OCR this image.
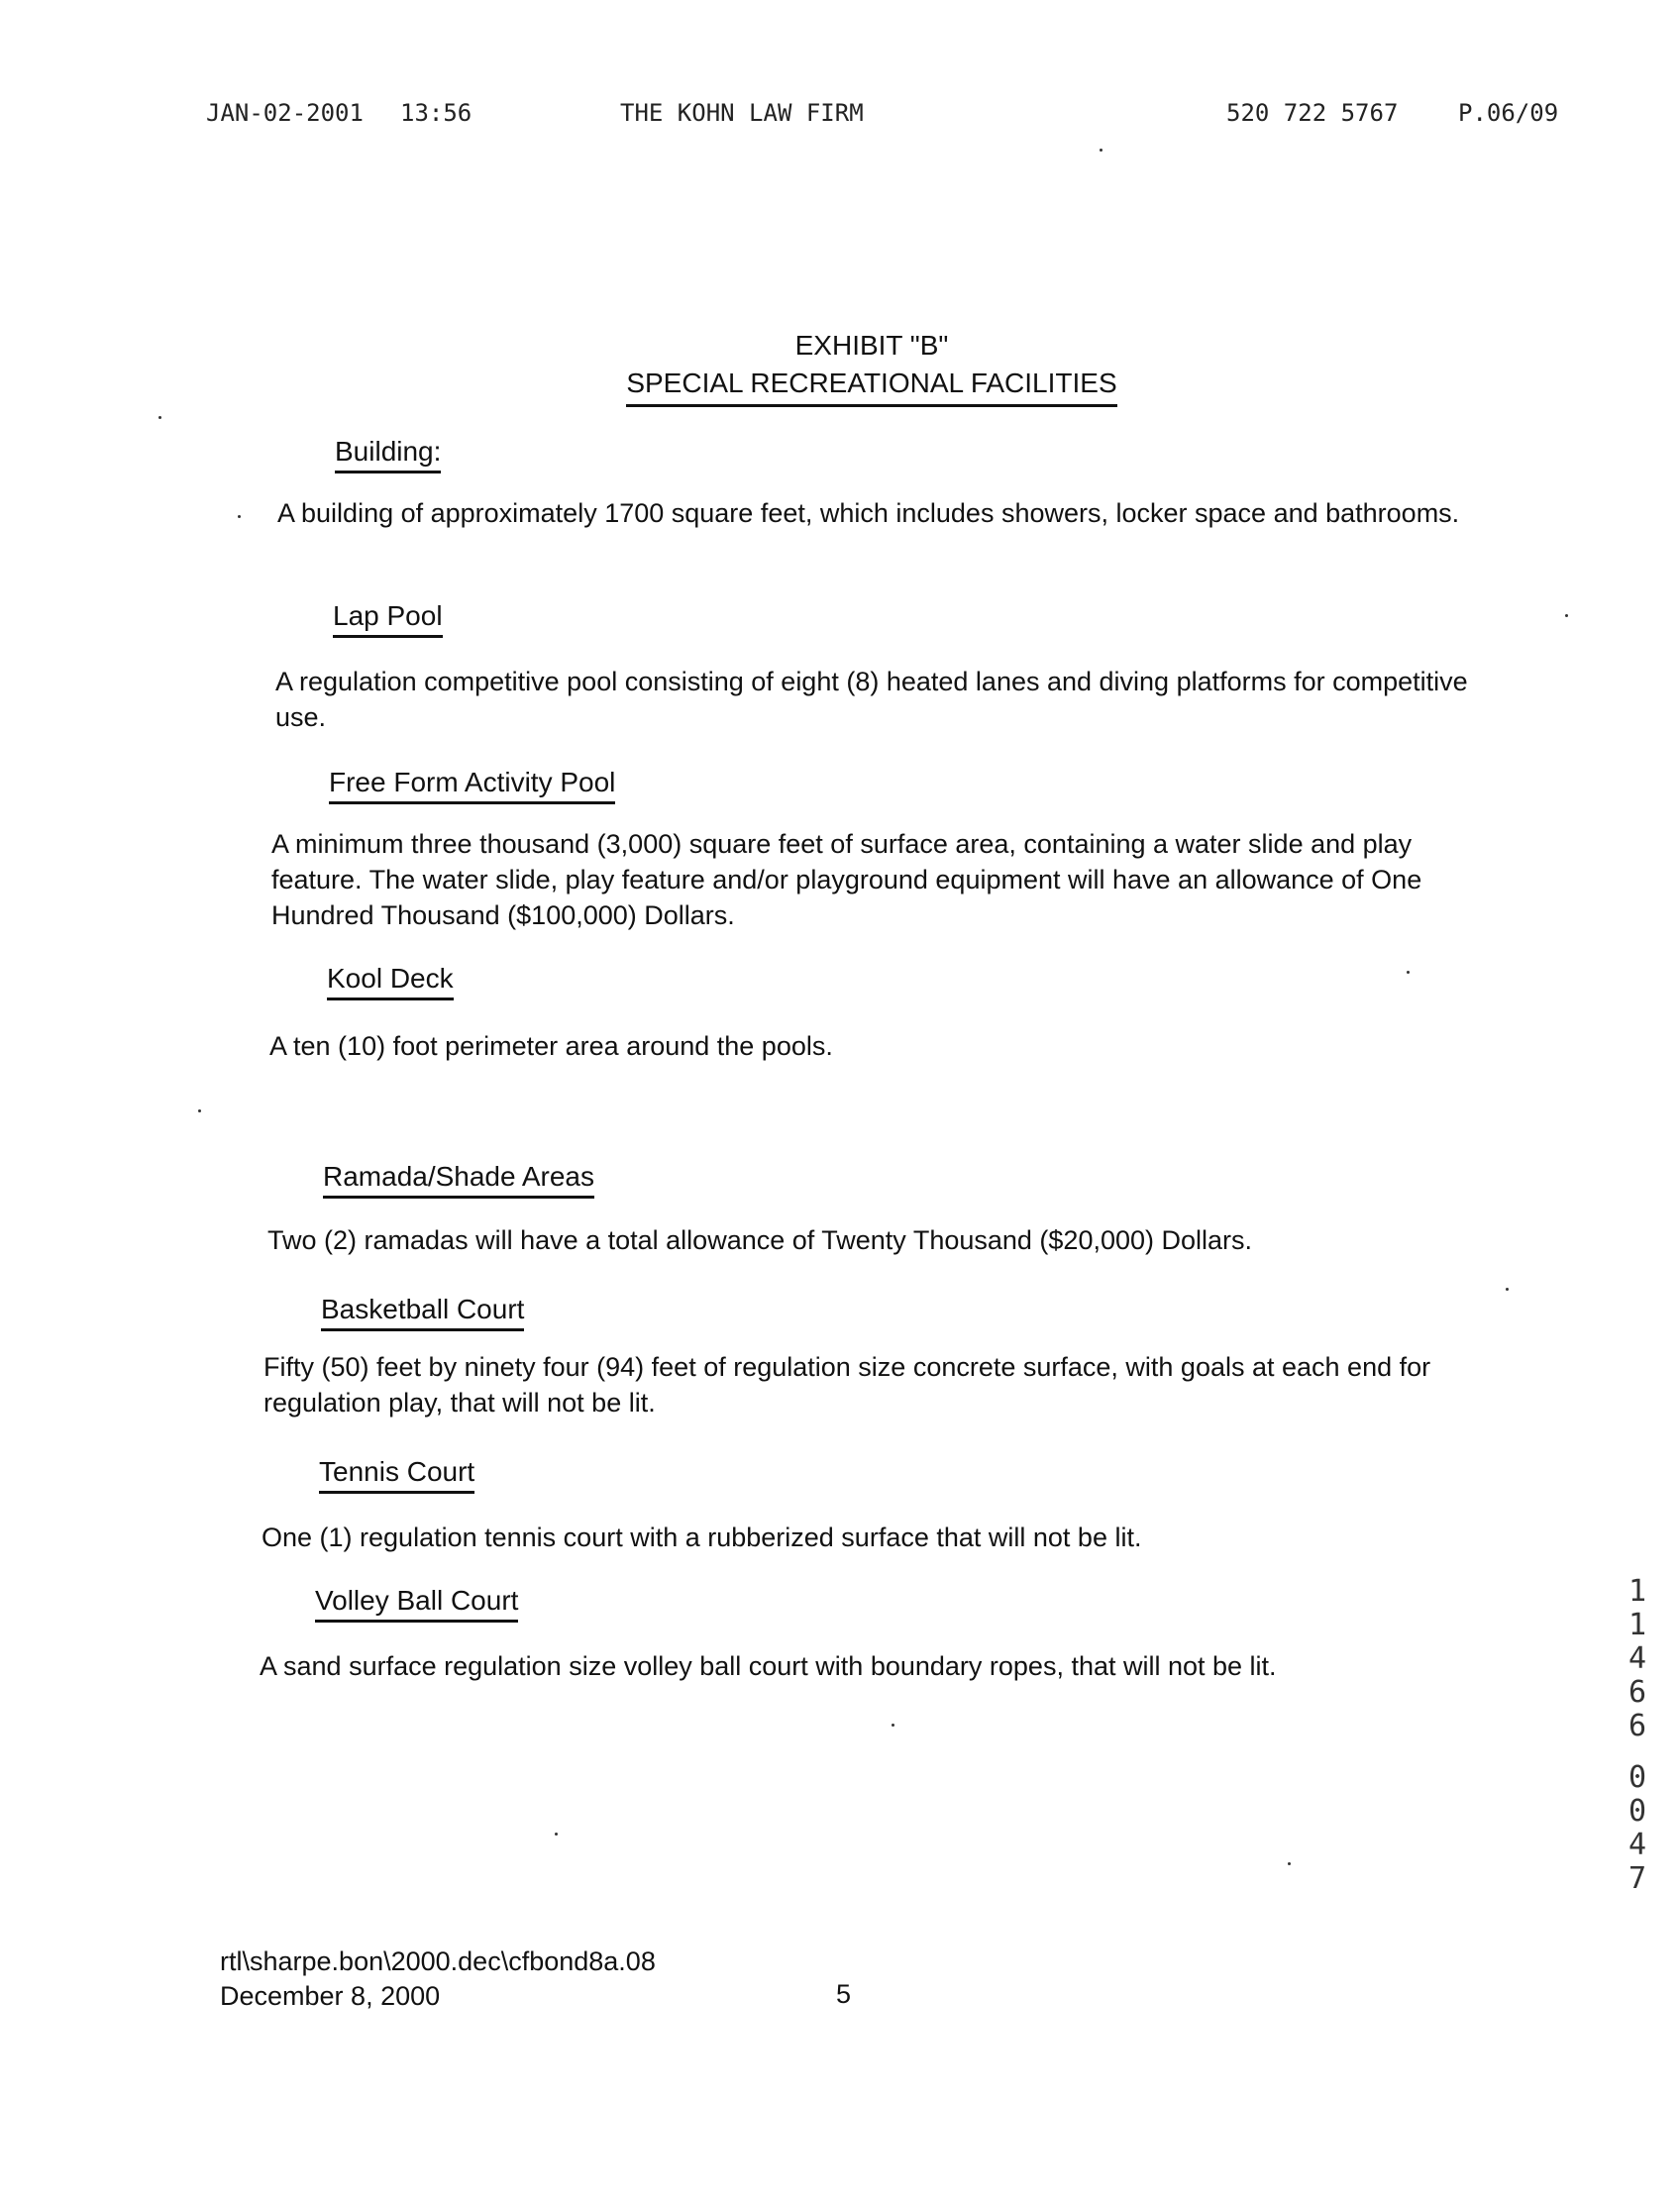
JAN-02-2001 13:56	THE KOHN LAW FIRM	520 722 5767	P.06/09
EXHIBIT "B"
SPECIAL RECREATIONAL FACILITIES
Building:
A building of approximately 1700 square feet, which includes showers, locker space and bathrooms.
Lap Pool
A regulation competitive pool consisting of eight (8) heated lanes and diving platforms for competitive use.
Free Form Activity Pool
A minimum three thousand (3,000) square feet of surface area, containing a water slide and play feature. The water slide, play feature and/or playground equipment will have an allowance of One Hundred Thousand ($100,000) Dollars.
Kool Deck
A ten (10) foot perimeter area around the pools.
Ramada/Shade Areas
Two (2) ramadas will have a total allowance of Twenty Thousand ($20,000) Dollars.
Basketball Court
Fifty (50) feet by ninety four (94) feet of regulation size concrete surface, with goals at each end for regulation play, that will not be lit.
Tennis Court
One (1) regulation tennis court with a rubberized surface that will not be lit.
Volley Ball Court
A sand surface regulation size volley ball court with boundary ropes, that will not be lit.
rtl\sharpe.bon\2000.dec\cfbond8a.08
December 8, 2000	5
1
1
4
6
6
0
0
4
7
